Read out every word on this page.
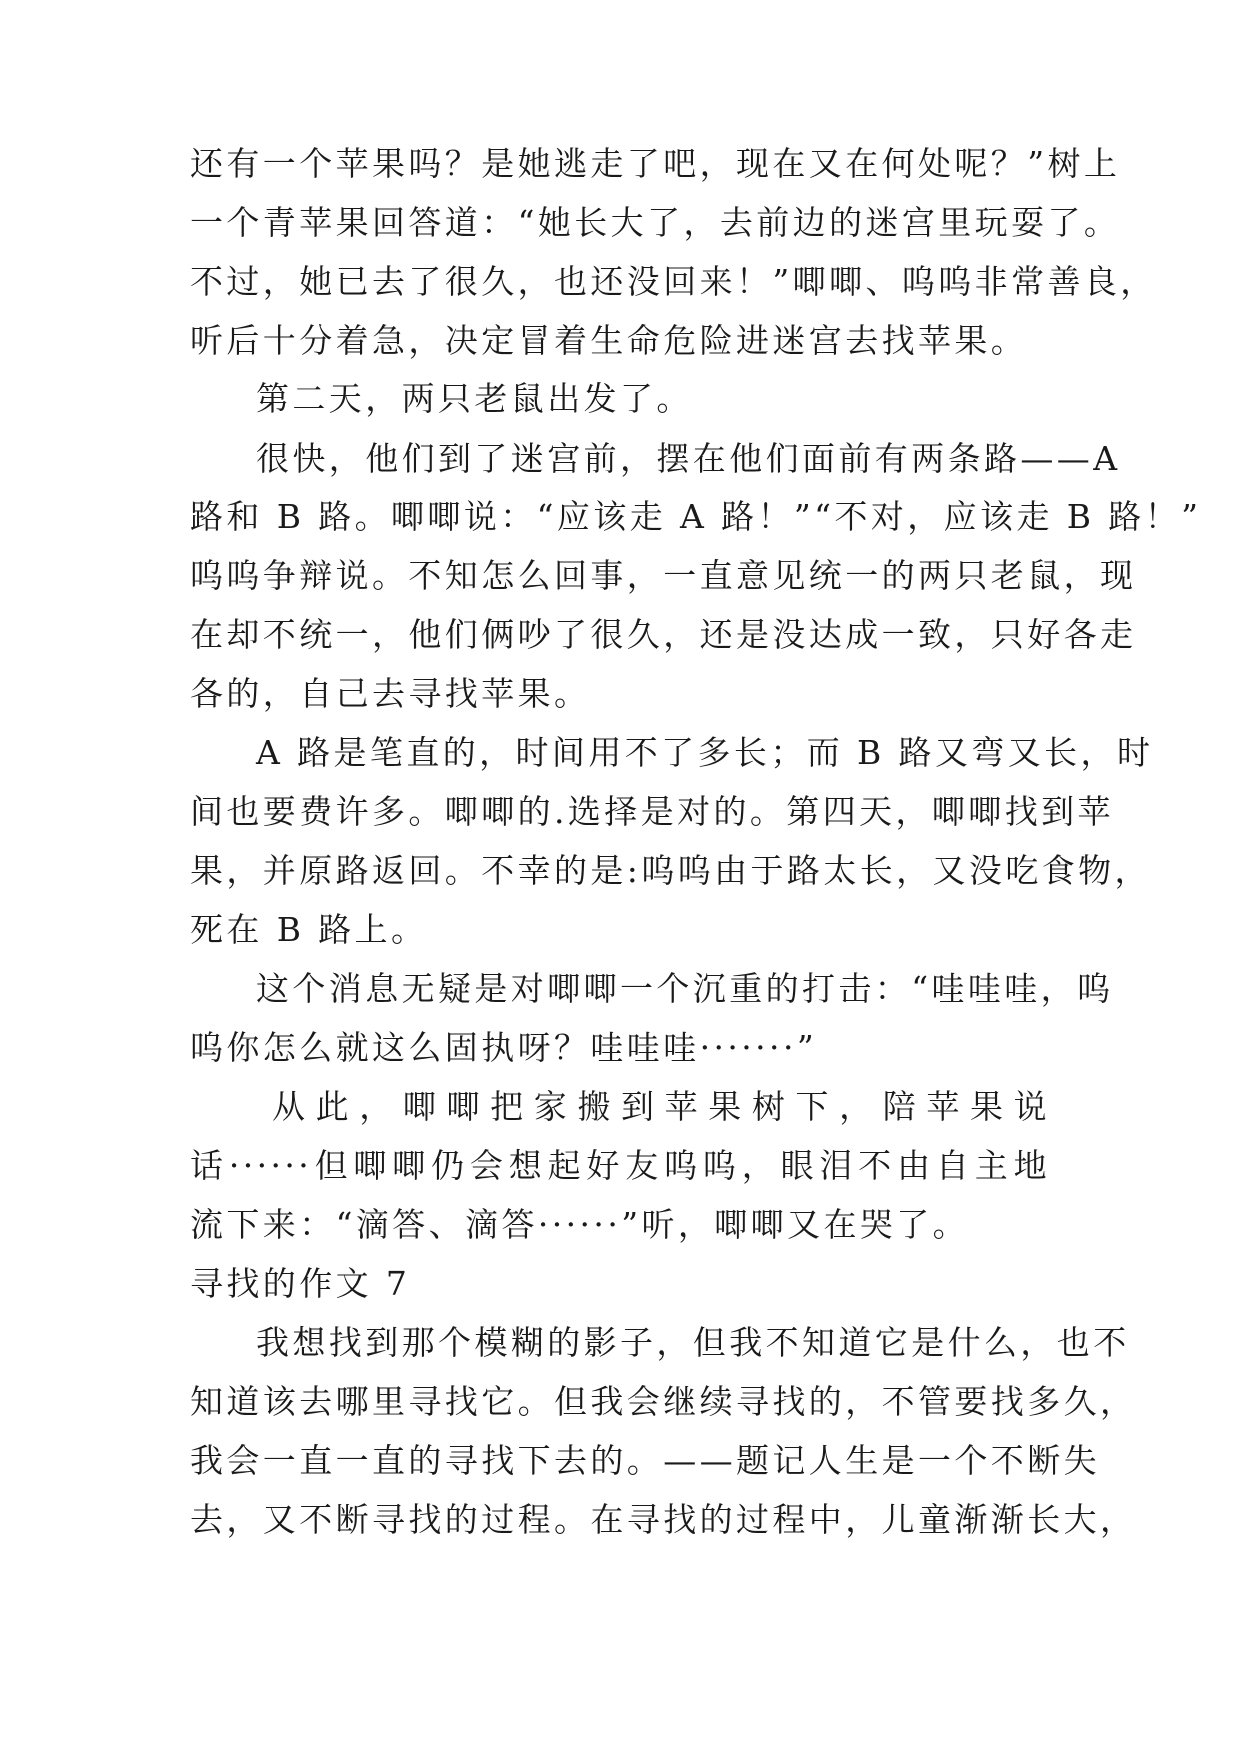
还有一个苹果吗？是她逃走了吧，现在又在何处呢？”树上
一个青苹果回答道：“她长大了，去前边的迷宫里玩耍了。
不过，她已去了很久，也还没回来！”唧唧、呜呜非常善良，
听后十分着急，决定冒着生命危险进迷宫去找苹果。
第二天，两只老鼠出发了。
很快，他们到了迷宫前，摆在他们面前有两条路——A
路和 B 路。唧唧说：“应该走 A 路！”“不对，应该走 B 路！”
呜呜争辩说。不知怎么回事，一直意见统一的两只老鼠，现
在却不统一，他们俩吵了很久，还是没达成一致，只好各走
各的，自己去寻找苹果。
A 路是笔直的，时间用不了多长；而 B 路又弯又长，时
间也要费许多。唧唧的.选择是对的。第四天，唧唧找到苹
果，并原路返回。不幸的是:呜呜由于路太长，又没吃食物，
死在 B 路上。
这个消息无疑是对唧唧一个沉重的打击：“哇哇哇，呜
呜你怎么就这么固执呀？哇哇哇·······”
从此，唧唧把家搬到苹果树下，陪苹果说
话······但唧唧仍会想起好友呜呜，眼泪不由自主地
流下来：“滴答、滴答······”听，唧唧又在哭了。
寻找的作文 7
我想找到那个模糊的影子，但我不知道它是什么，也不
知道该去哪里寻找它。但我会继续寻找的，不管要找多久，
我会一直一直的寻找下去的。——题记人生是一个不断失
去，又不断寻找的过程。在寻找的过程中，儿童渐渐长大，
